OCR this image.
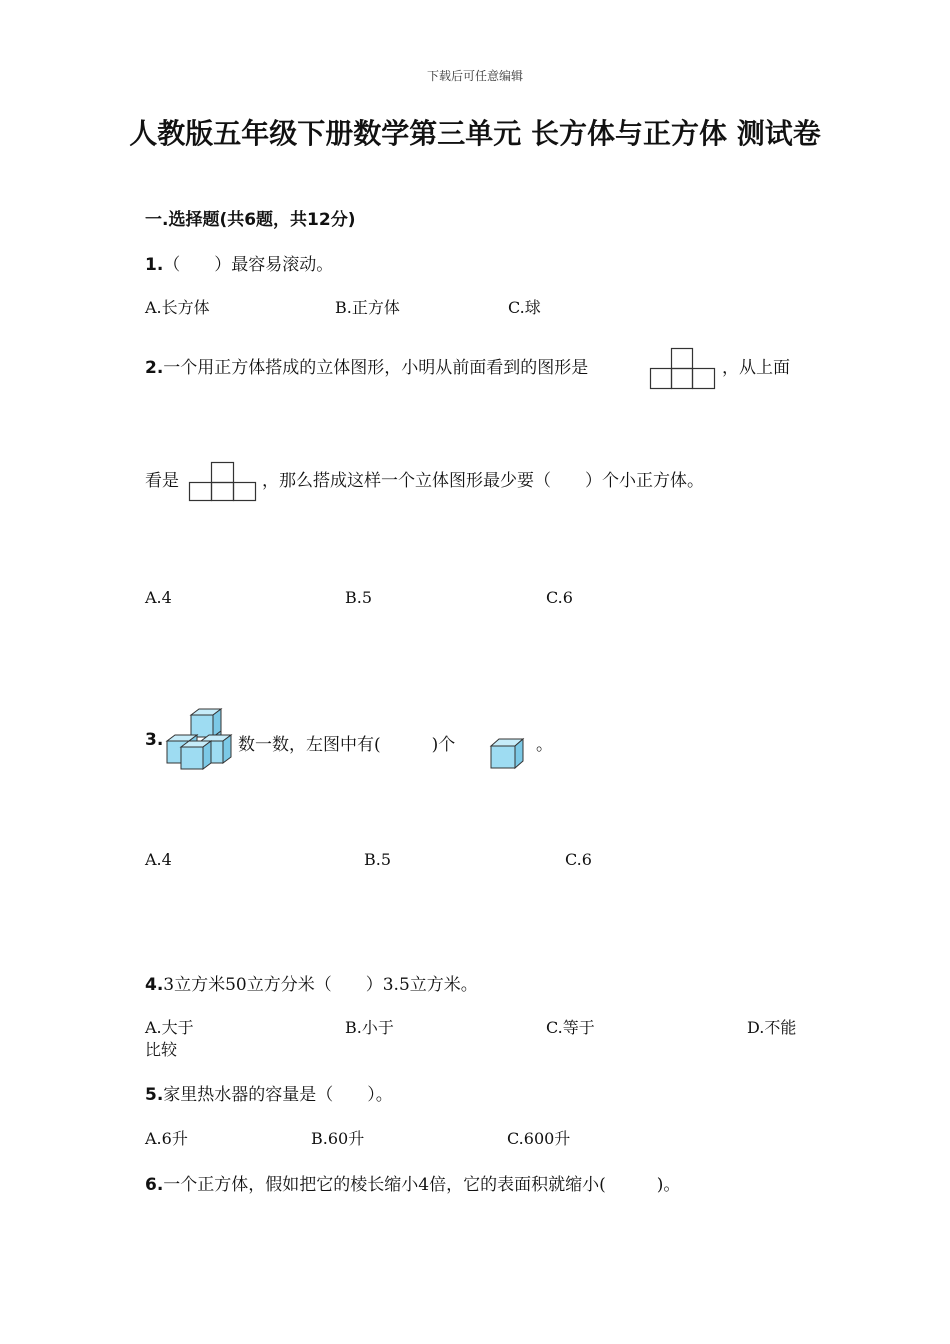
下载后可任意编辑
人教版五年级下册数学第三单元 长方体与正方体 测试卷
一.选择题(共6题，共12分)
1.（　　）最容易滚动。
A.长方体	B.正方体	C.球
2.一个用正方体搭成的立体图形，小明从前面看到的图形是	，从上面
看是	，那么搭成这样一个立体图形最少要（　　）个小正方体。
A.4	B.5	C.6
3.	数一数，左图中有(　　　)个	。
A.4	B.5	C.6
4.3立方米50立方分米（　　）3.5立方米。
A.大于	B.小于	C.等于	D.不能
比较
5.家里热水器的容量是（　　）。
A.6升	B.60升	C.600升
6.一个正方体，假如把它的棱长缩小4倍，它的表面积就缩小(　　　)。
